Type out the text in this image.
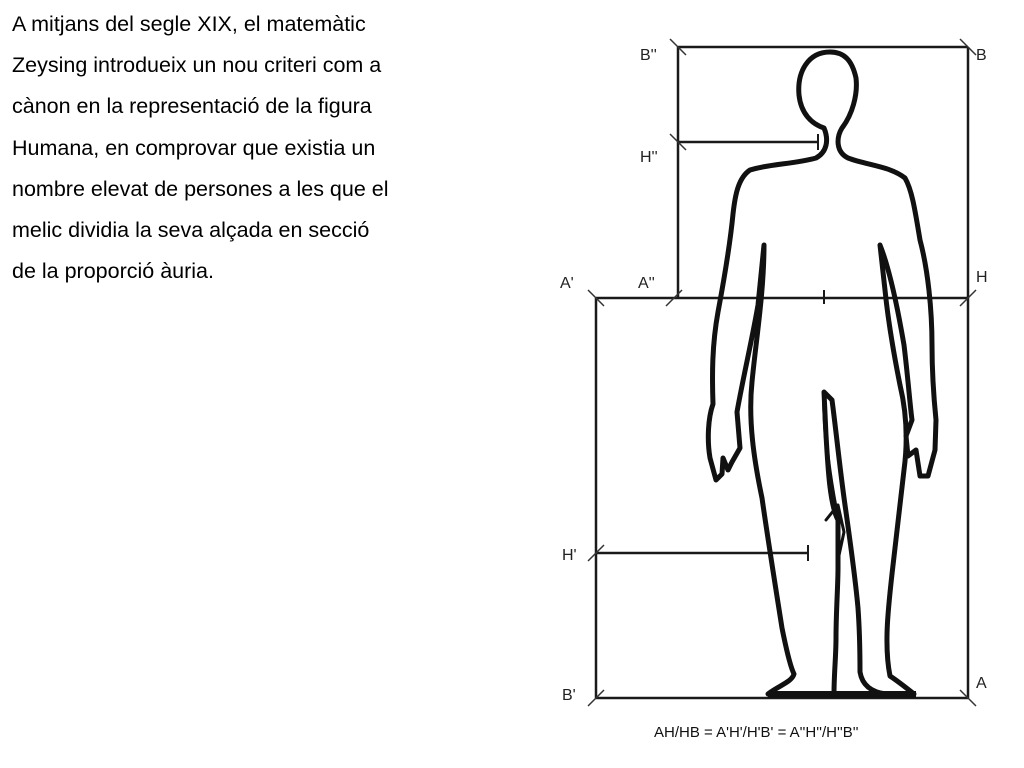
A mitjans del segle XIX, el matemàtic
Zeysing introdueix un nou criteri com a
cànon en la representació de la figura
Humana, en comprovar que existia un
nombre elevat de persones a les que el
melic dividia la seva alçada en secció
de la proporció àuria.
B''	B
H''
A'	A''	H
H'
B'
A
AH/HB = A'H'/H'B' = A''H''/H''B''
